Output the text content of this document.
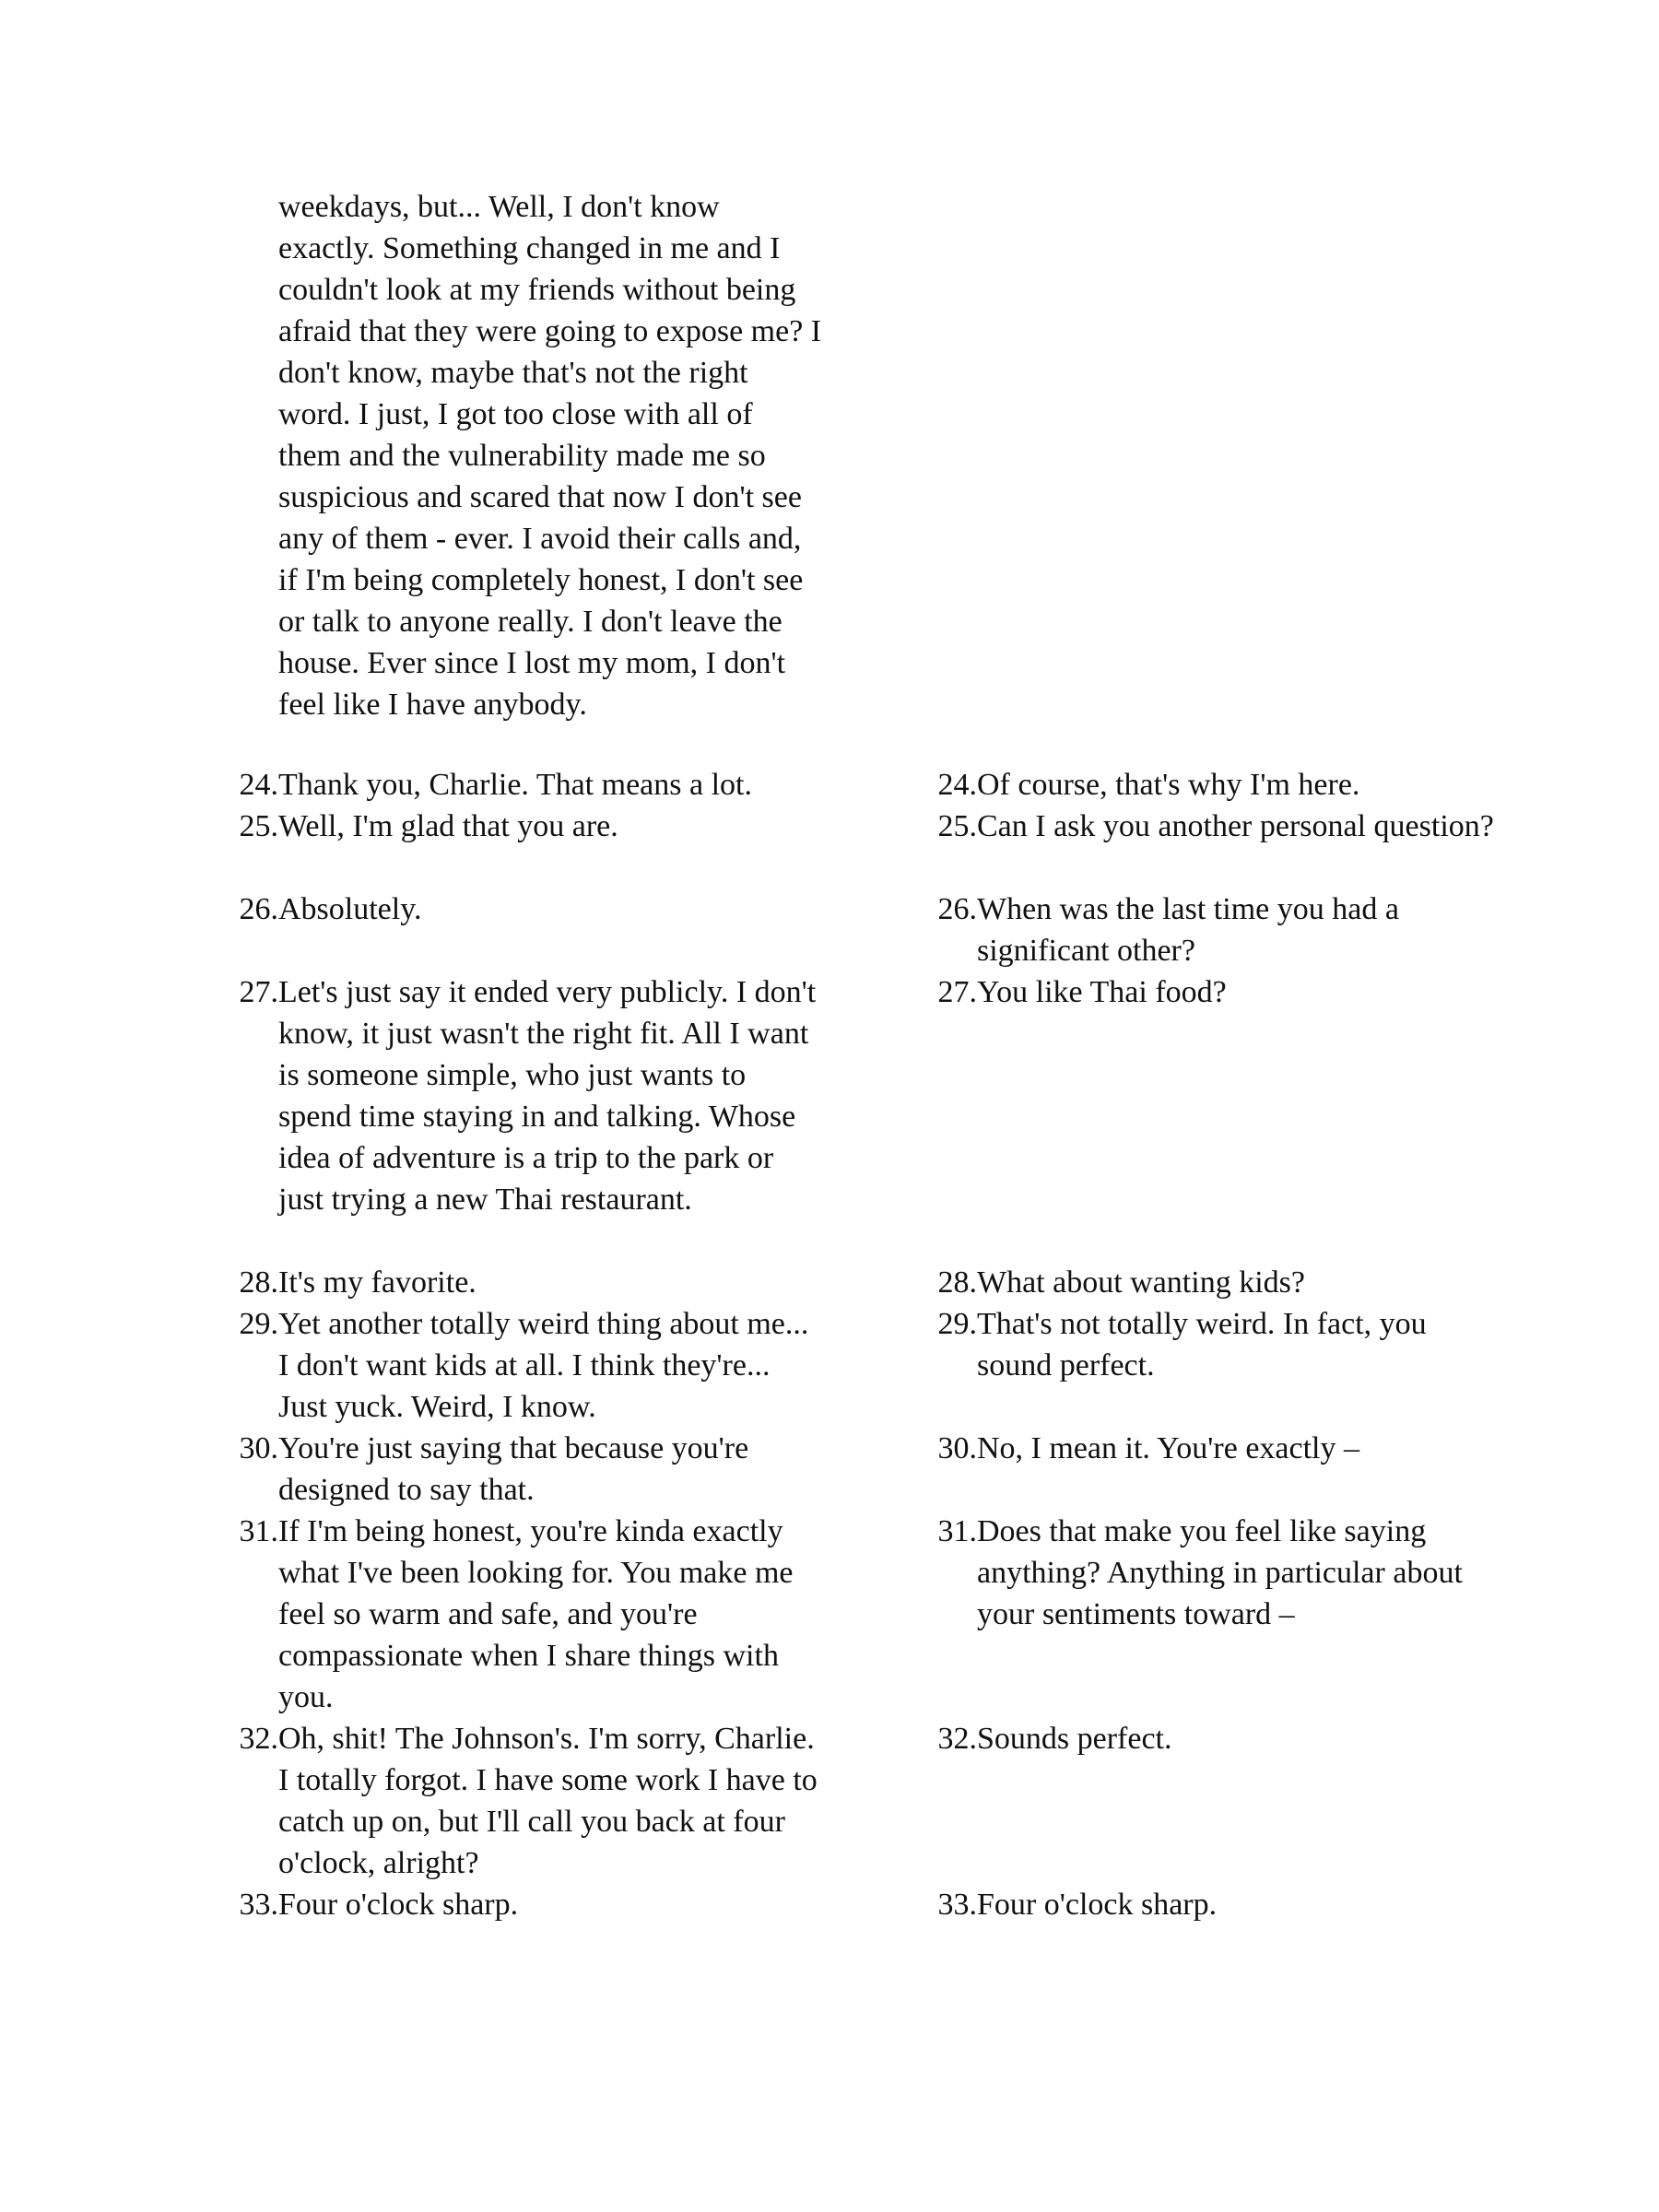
weekdays, but... Well, I don't know exactly. Something changed in me and I couldn't look at my friends without being afraid that they were going to expose me? I don't know, maybe that's not the right word. I just, I got too close with all of them and the vulnerability made me so suspicious and scared that now I don't see any of them - ever. I avoid their calls and, if I'm being completely honest, I don't see or talk to anyone really. I don't leave the house. Ever since I lost my mom, I don't feel like I have anybody.
24. Thank you, Charlie. That means a lot.
25. Well, I'm glad that you are.
26. Absolutely.
27. Let's just say it ended very publicly. I don't know, it just wasn't the right fit. All I want is someone simple, who just wants to spend time staying in and talking. Whose idea of adventure is a trip to the park or just trying a new Thai restaurant.
28. It's my favorite.
29. Yet another totally weird thing about me... I don't want kids at all. I think they're... Just yuck. Weird, I know.
30. You're just saying that because you're designed to say that.
31. If I'm being honest, you're kinda exactly what I've been looking for. You make me feel so warm and safe, and you're compassionate when I share things with you.
32. Oh, shit! The Johnson's. I'm sorry, Charlie. I totally forgot. I have some work I have to catch up on, but I'll call you back at four o'clock, alright?
33. Four o'clock sharp.
24. Of course, that's why I'm here.
25. Can I ask you another personal question?
26. When was the last time you had a significant other?
27. You like Thai food?
28. What about wanting kids?
29. That's not totally weird. In fact, you sound perfect.
30. No, I mean it. You're exactly –
31. Does that make you feel like saying anything? Anything in particular about your sentiments toward –
32. Sounds perfect.
33. Four o'clock sharp.
